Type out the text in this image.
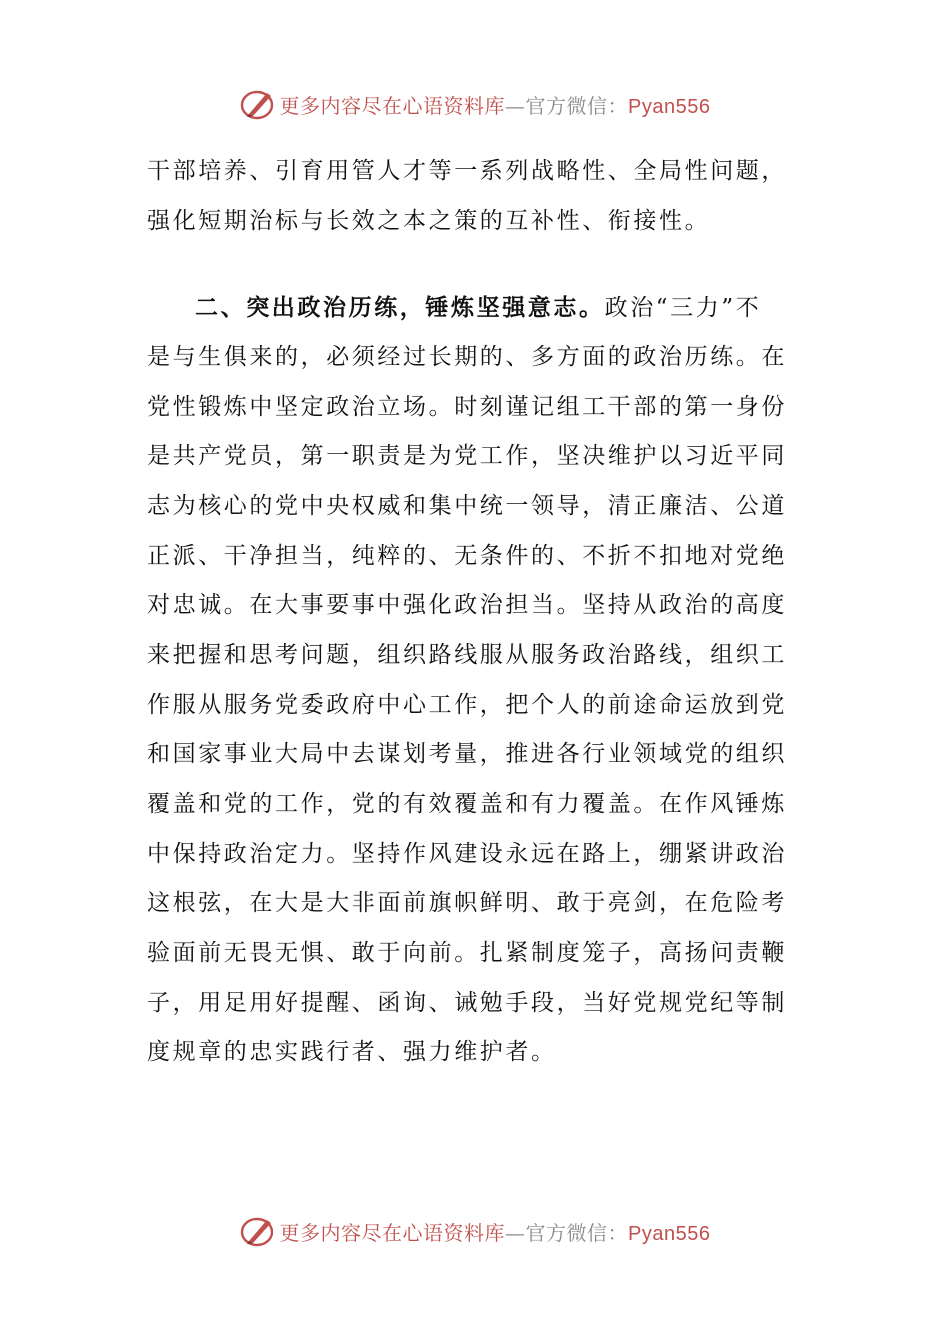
更多内容尽在心语资料库—官方微信：Pyan556
干部培养、引育用管人才等一系列战略性、全局性问题，
强化短期治标与长效之本之策的互补性、衔接性。
二、突出政治历练，锤炼坚强意志。政治“三力”不
是与生俱来的，必须经过长期的、多方面的政治历练。在
党性锻炼中坚定政治立场。时刻谨记组工干部的第一身份
是共产党员，第一职责是为党工作，坚决维护以习近平同
志为核心的党中央权威和集中统一领导，清正廉洁、公道
正派、干净担当，纯粹的、无条件的、不折不扣地对党绝
对忠诚。在大事要事中强化政治担当。坚持从政治的高度
来把握和思考问题，组织路线服从服务政治路线，组织工
作服从服务党委政府中心工作，把个人的前途命运放到党
和国家事业大局中去谋划考量，推进各行业领域党的组织
覆盖和党的工作，党的有效覆盖和有力覆盖。在作风锤炼
中保持政治定力。坚持作风建设永远在路上，绷紧讲政治
这根弦，在大是大非面前旗帜鲜明、敢于亮剑，在危险考
验面前无畏无惧、敢于向前。扎紧制度笼子，高扬问责鞭
子，用足用好提醒、函询、诫勉手段，当好党规党纪等制
度规章的忠实践行者、强力维护者。
更多内容尽在心语资料库—官方微信：Pyan556
